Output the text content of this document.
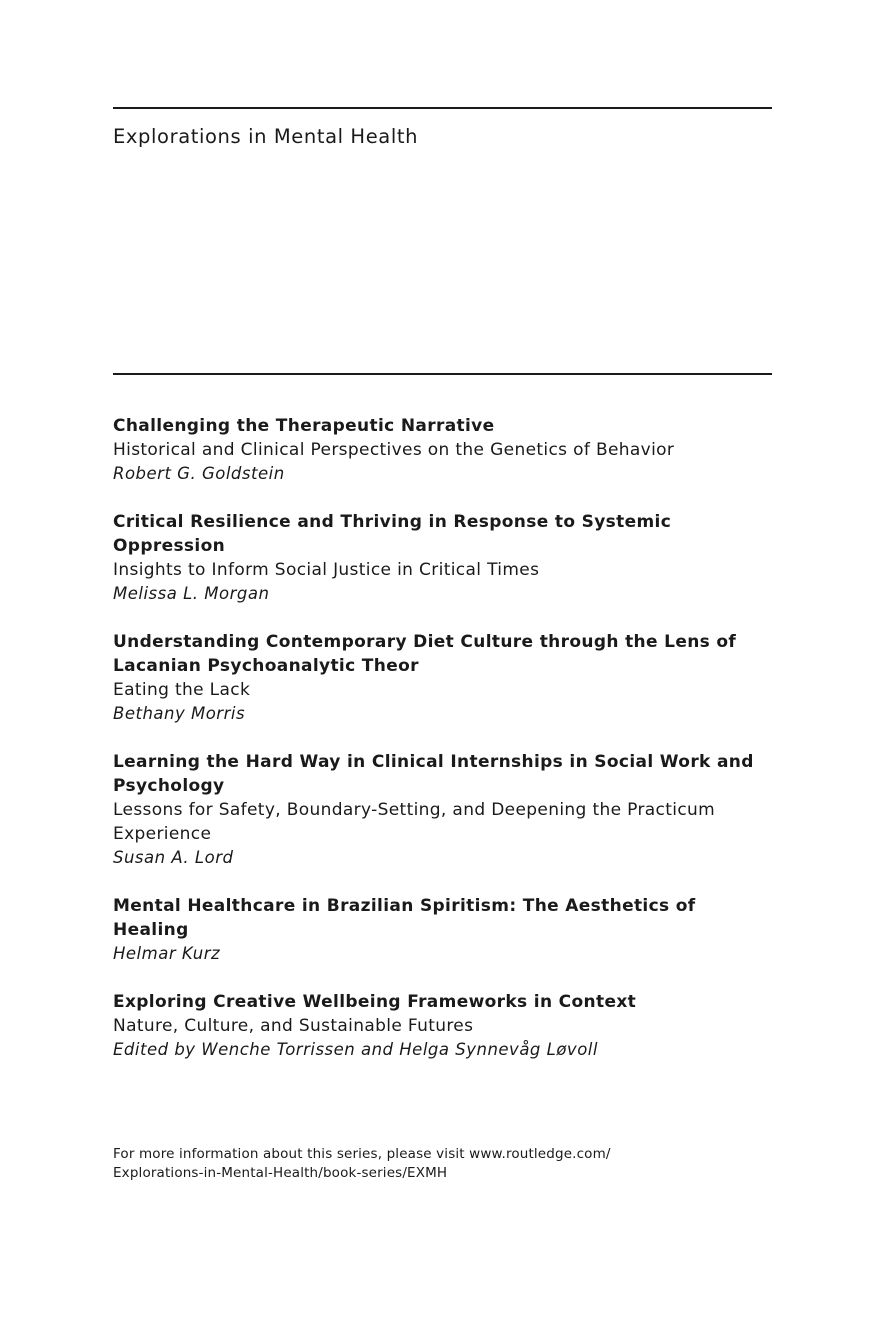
Explorations in Mental Health
Challenging the Therapeutic Narrative
Historical and Clinical Perspectives on the Genetics of Behavior
Robert G. Goldstein
Critical Resilience and Thriving in Response to Systemic Oppression
Insights to Inform Social Justice in Critical Times
Melissa L. Morgan
Understanding Contemporary Diet Culture through the Lens of Lacanian Psychoanalytic Theor
Eating the Lack
Bethany Morris
Learning the Hard Way in Clinical Internships in Social Work and Psychology
Lessons for Safety, Boundary-Setting, and Deepening the Practicum Experience
Susan A. Lord
Mental Healthcare in Brazilian Spiritism: The Aesthetics of Healing
Helmar Kurz
Exploring Creative Wellbeing Frameworks in Context
Nature, Culture, and Sustainable Futures
Edited by Wenche Torrissen and Helga Synnevåg Løvoll
For more information about this series, please visit www.routledge.com/
Explorations-in-Mental-Health/book-series/EXMH
